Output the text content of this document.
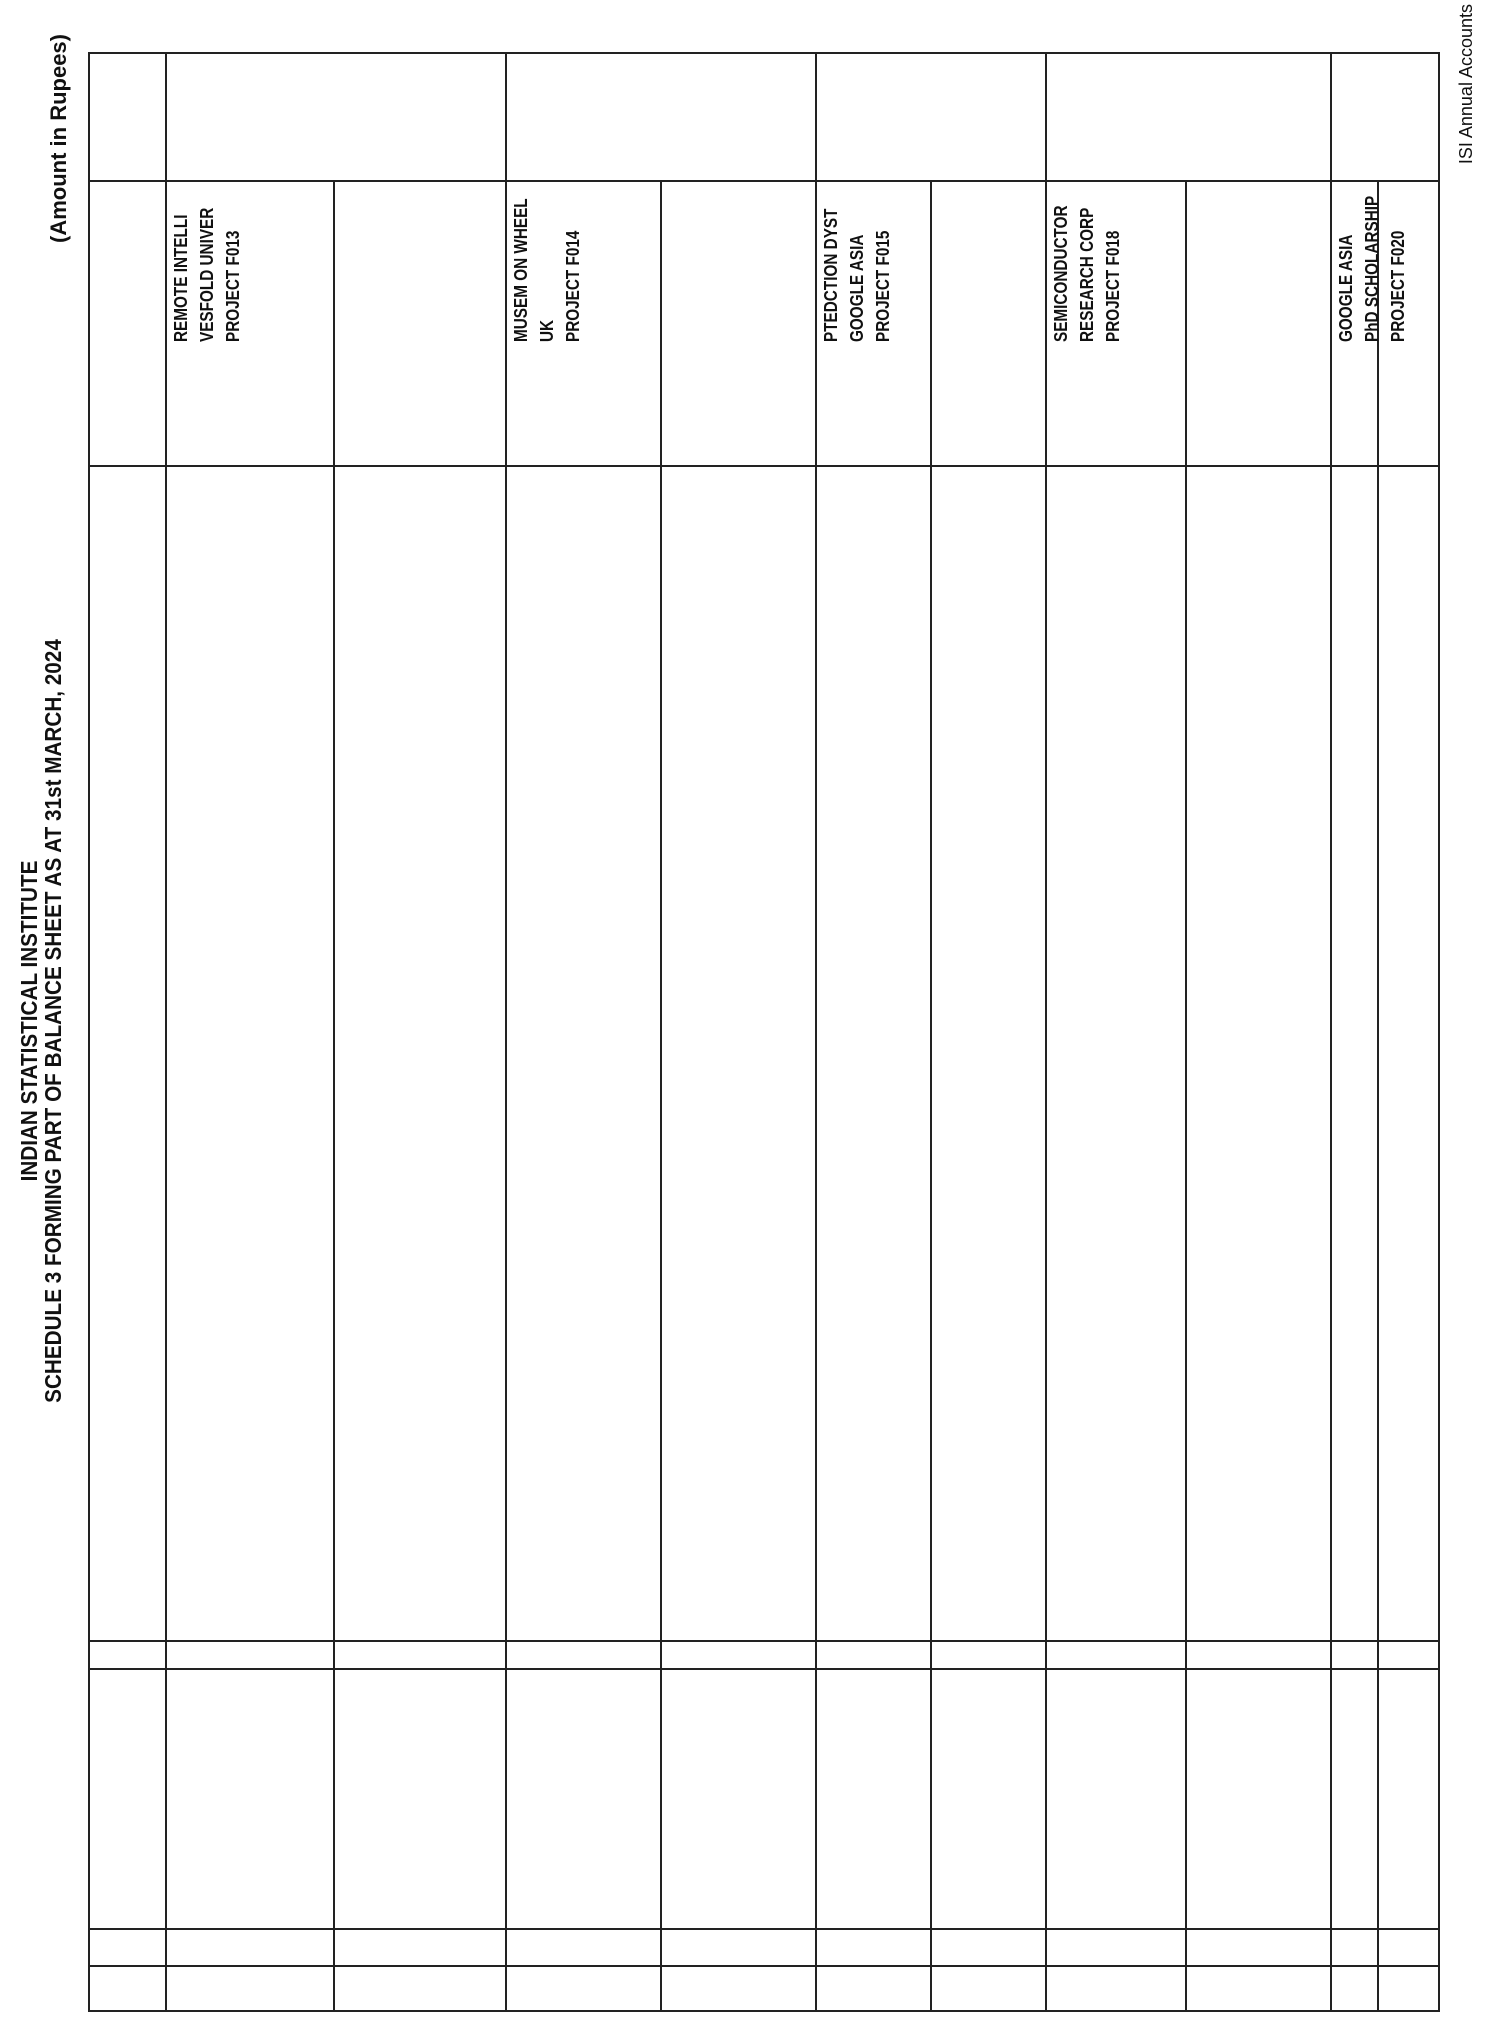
INDIAN STATISTICAL INSTITUTE
SCHEDULE 3 FORMING PART OF BALANCE SHEET AS AT 31st MARCH, 2024
(Amount in Rupees)	ISI Annual Accounts
REMOTE INTELLI VESFOLD UNIVER PROJECT F013	MUSEM ON WHEEL UK PROJECT F014	PTEDCTION DYST GOOGLE ASIA PROJECT F015	SEMICONDUCTOR RESEARCH CORP PROJECT F018	GOOGLE ASIA PhD SCHOLARSHIP PROJECT F020
